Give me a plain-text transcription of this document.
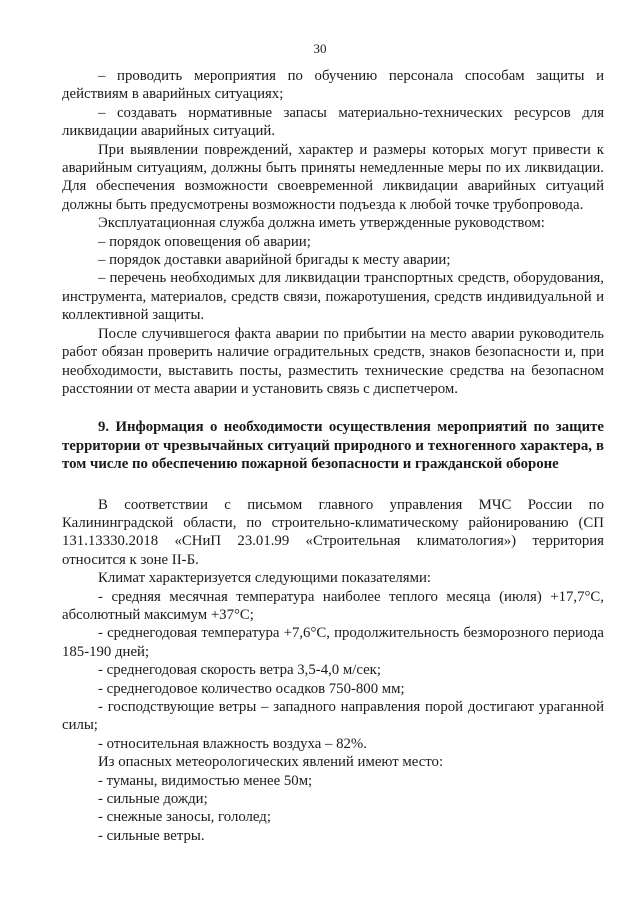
30

– проводить мероприятия по обучению персонала способам защиты и действиям в аварийных ситуациях;

– создавать нормативные запасы материально-технических ресурсов для ликвидации аварийных ситуаций.

При выявлении повреждений, характер и размеры которых могут привести к аварийным ситуациям, должны быть приняты немедленные меры по их ликвидации. Для обеспечения возможности своевременной ликвидации аварийных ситуаций должны быть предусмотрены возможности подъезда к любой точке трубопровода.

Эксплуатационная служба должна иметь утвержденные руководством:

– порядок оповещения об аварии;

– порядок доставки аварийной бригады к месту аварии;

– перечень необходимых для ликвидации транспортных средств, оборудования, инструмента, материалов, средств связи, пожаротушения, средств индивидуальной и коллективной защиты.

После случившегося факта аварии по прибытии на место аварии руководитель работ обязан проверить наличие оградительных средств, знаков безопасности и, при необходимости, выставить посты, разместить технические средства на безопасном расстоянии от места аварии и установить связь с диспетчером.

9. Информация о необходимости осуществления мероприятий по защите территории от чрезвычайных ситуаций природного и техногенного характера, в том числе по обеспечению пожарной безопасности и гражданской обороне

В соответствии с письмом главного управления МЧС России по Калининградской области, по строительно-климатическому районированию (СП 131.13330.2018 «СНиП 23.01.99 «Строительная климатология») территория относится к зоне II-Б.

Климат характеризуется следующими показателями:

- средняя месячная температура наиболее теплого месяца (июля) +17,7°С, абсолютный максимум +37°С;

- среднегодовая температура +7,6°С, продолжительность безморозного периода 185-190 дней;

- среднегодовая скорость ветра 3,5-4,0 м/сек;

- среднегодовое количество осадков 750-800 мм;

- господствующие ветры – западного направления порой достигают ураганной силы;

- относительная влажность воздуха – 82%.

Из опасных метеорологических явлений имеют место:

- туманы, видимостью менее 50м;

- сильные дожди;

- снежные заносы, гололед;

- сильные ветры.
